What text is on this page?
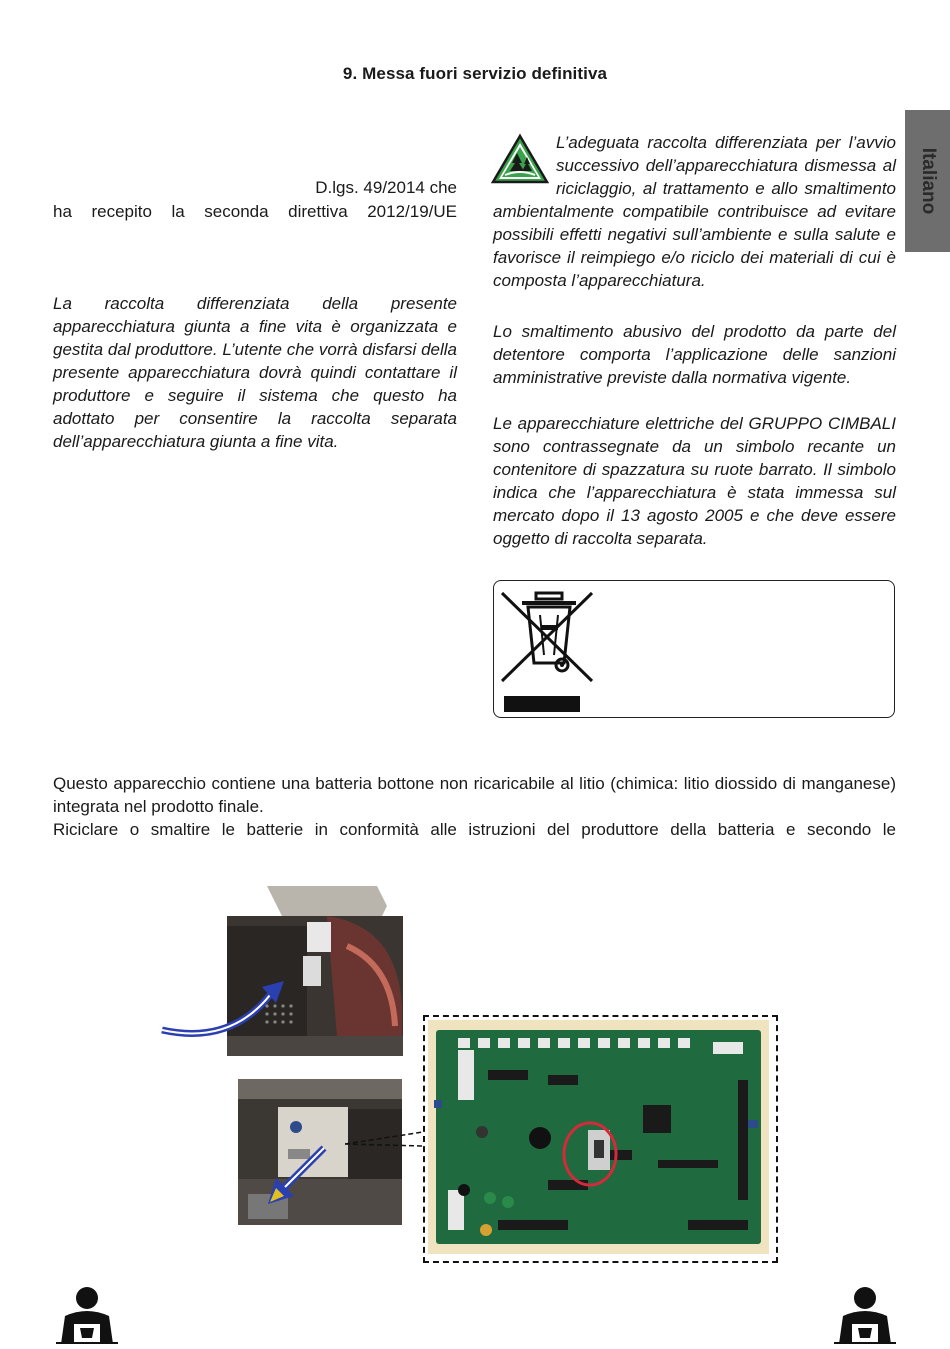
9. Messa fuori servizio definitiva
Italiano
D.lgs. 49/2014 che
ha recepito la seconda direttiva 2012/19/UE
La raccolta differenziata della presente apparecchiatura giunta a fine vita è organizzata e gestita dal produttore. L’utente che vorrà disfarsi della presente apparecchiatura dovrà quindi contattare il produttore e seguire il sistema che questo ha adottato per consentire la raccolta separata dell’apparecchiatura giunta a fine vita.
L’adeguata raccolta differenziata per l’avvio successivo dell’apparecchiatura dismessa al riciclaggio, al trattamento e allo smaltimento ambientalmente compatibile contribuisce ad evitare possibili effetti negativi sull’ambiente e sulla salute e favorisce il reimpiego e/o riciclo dei materiali di cui è composta l’apparecchiatura.
Lo smaltimento abusivo del prodotto da parte del detentore comporta l’applicazione delle sanzioni amministrative previste dalla normativa vigente.
Le apparecchiature elettriche del GRUPPO CIMBALI sono contrassegnate da un simbolo recante un contenitore di spazzatura su ruote barrato. Il simbolo indica che l’apparecchiatura è stata immessa sul mercato dopo il 13 agosto 2005 e che deve essere oggetto di raccolta separata.

Questo apparecchio contiene una batteria bottone non ricaricabile al litio (chimica: litio diossido di manganese) integrata nel prodotto finale.

Riciclare o smaltire le batterie in conformità alle istruzioni del produttore della batteria e secondo le
